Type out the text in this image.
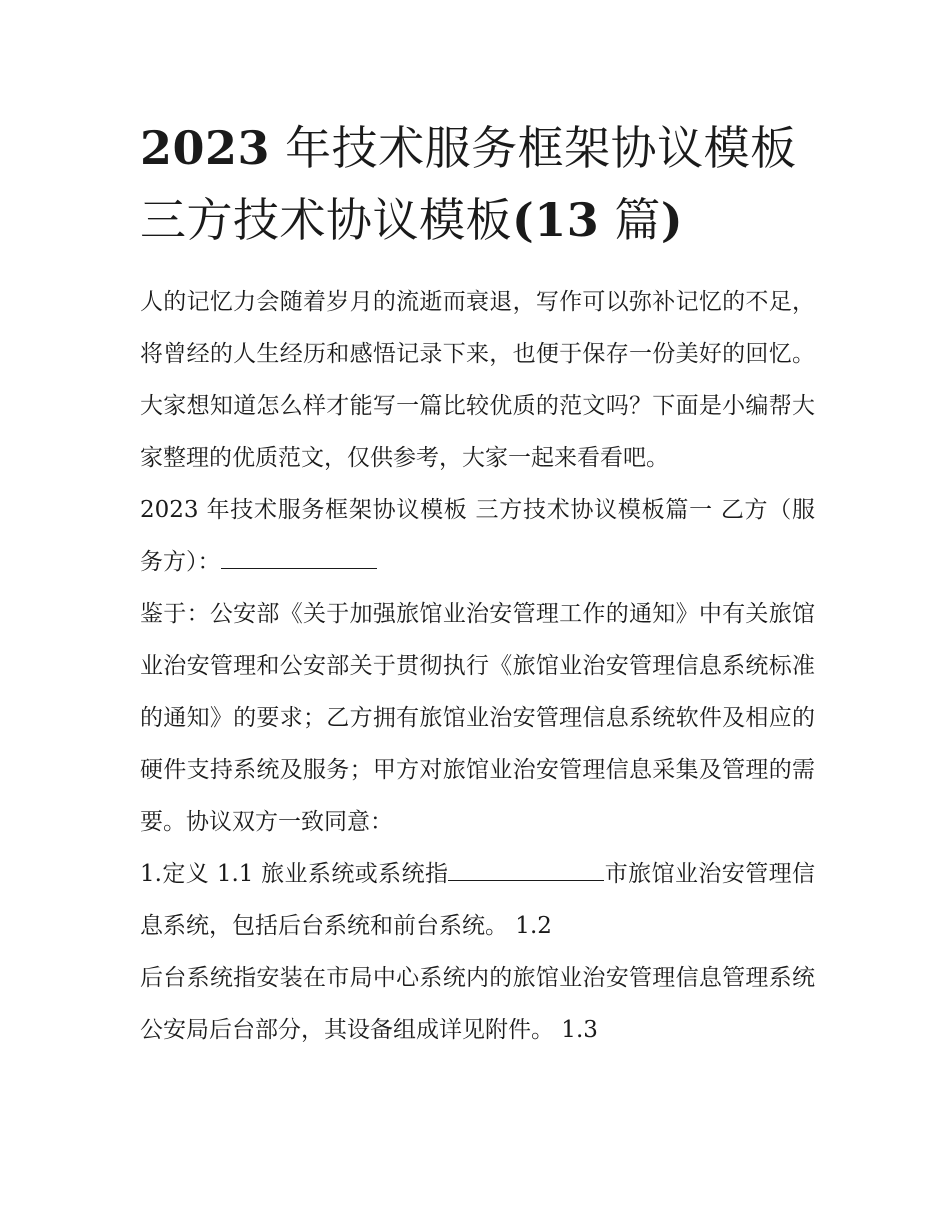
2023 年技术服务框架协议模板
三方技术协议模板(13 篇)

人的记忆力会随着岁月的流逝而衰退，写作可以弥补记忆的不足，将曾经的人生经历和感悟记录下来，也便于保存一份美好的回忆。大家想知道怎么样才能写一篇比较优质的范文吗？下面是小编帮大家整理的优质范文，仅供参考，大家一起来看看吧。

2023 年技术服务框架协议模板 三方技术协议模板篇一 乙方（服务方）：

鉴于：公安部《关于加强旅馆业治安管理工作的通知》中有关旅馆业治安管理和公安部关于贯彻执行《旅馆业治安管理信息系统标准的通知》的要求；乙方拥有旅馆业治安管理信息系统软件及相应的硬件支持系统及服务；甲方对旅馆业治安管理信息采集及管理的需要。协议双方一致同意：

1.定义 1.1 旅业系统或系统指	市旅馆业治安管理信息系统，包括后台系统和前台系统。 1.2

后台系统指安装在市局中心系统内的旅馆业治安管理信息管理系统公安局后台部分，其设备组成详见附件。 1.3
